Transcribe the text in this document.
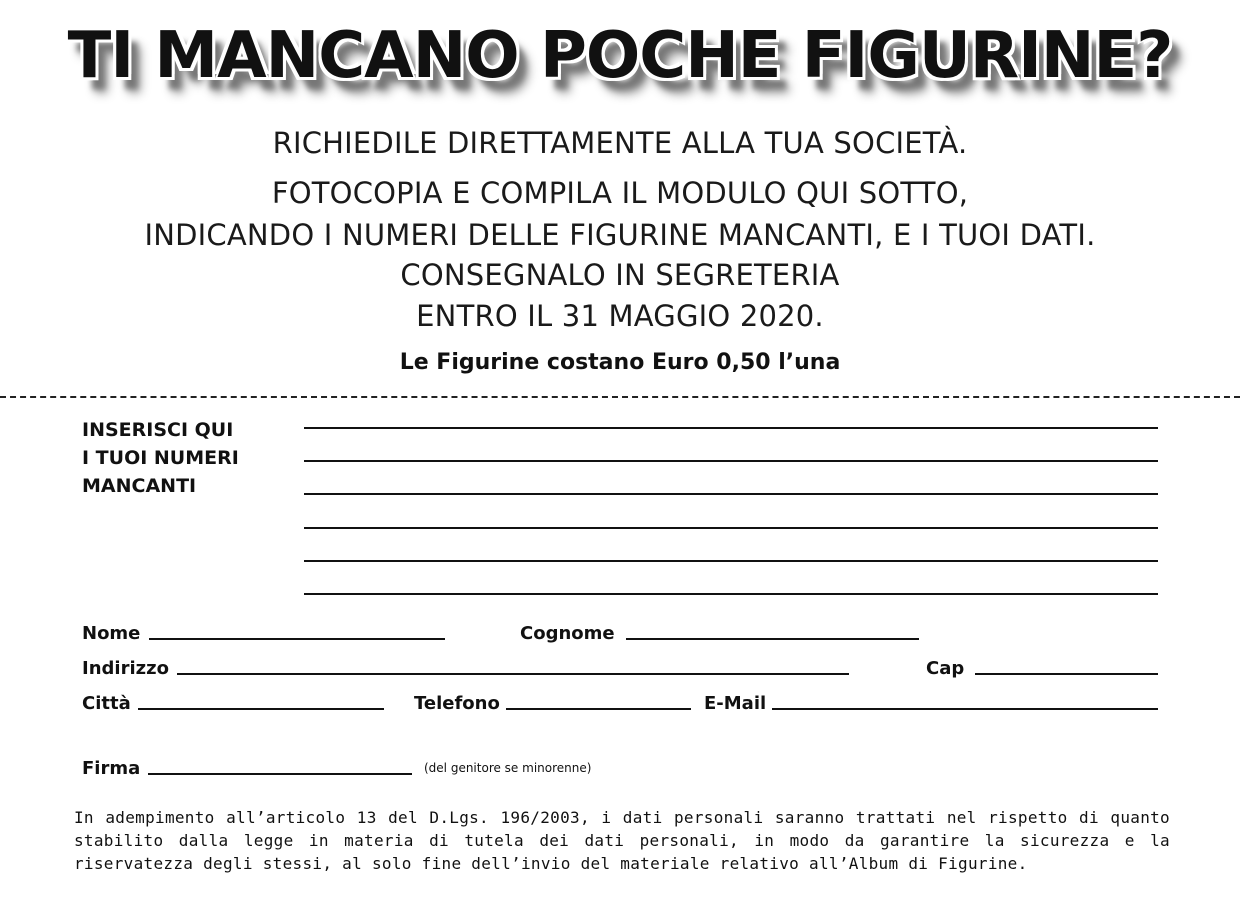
TI MANCANO POCHE FIGURINE?
RICHIEDILE DIRETTAMENTE ALLA TUA SOCIETÀ.
FOTOCOPIA E COMPILA IL MODULO QUI SOTTO,
INDICANDO I NUMERI DELLE FIGURINE MANCANTI, E I TUOI DATI.
CONSEGNALO IN SEGRETERIA
ENTRO IL 31 MAGGIO 2020.
Le Figurine costano Euro 0,50 l’una
INSERISCI QUI
I TUOI NUMERI
MANCANTI
Nome	Cognome
Indirizzo	Cap
Città	Telefono	E-Mail
Firma	(del genitore se minorenne)
In adempimento all’articolo 13 del D.Lgs. 196/2003, i dati personali saranno trattati nel rispetto di quanto stabilito dalla legge in materia di tutela dei dati personali, in modo da garantire la sicurezza e la riservatezza degli stessi, al solo fine dell’invio del materiale relativo all’Album di Figurine.
